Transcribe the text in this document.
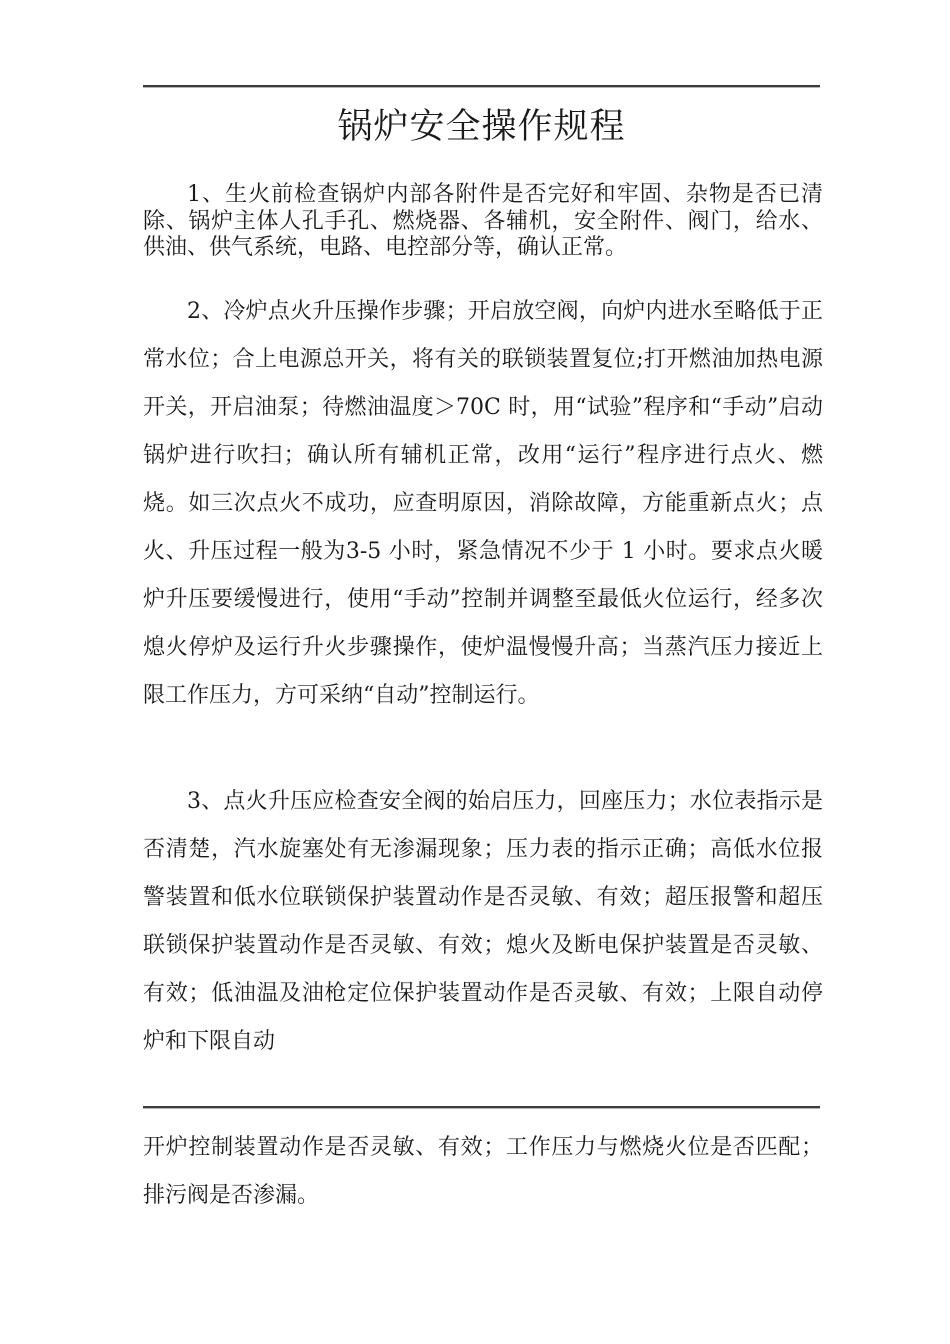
锅炉安全操作规程

1、生火前检查锅炉内部各附件是否完好和牢固、杂物是否已清除、锅炉主体人孔手孔、燃烧器、各辅机，安全附件、阀门，给水、供油、供气系统，电路、电控部分等，确认正常。

2、冷炉点火升压操作步骤；开启放空阀，向炉内进水至略低于正常水位；合上电源总开关，将有关的联锁装置复位;打开燃油加热电源开关，开启油泵；待燃油温度＞70C 时，用“试验”程序和“手动”启动锅炉进行吹扫；确认所有辅机正常，改用“运行”程序进行点火、燃烧。如三次点火不成功，应查明原因，消除故障，方能重新点火；点火、升压过程一般为3-5 小时，紧急情况不少于 1 小时。要求点火暖炉升压要缓慢进行，使用“手动”控制并调整至最低火位运行，经多次熄火停炉及运行升火步骤操作，使炉温慢慢升高；当蒸汽压力接近上限工作压力，方可采纳“自动”控制运行。

3、点火升压应检查安全阀的始启压力，回座压力；水位表指示是否清楚，汽水旋塞处有无渗漏现象；压力表的指示正确；高低水位报警装置和低水位联锁保护装置动作是否灵敏、有效；超压报警和超压联锁保护装置动作是否灵敏、有效；熄火及断电保护装置是否灵敏、有效；低油温及油枪定位保护装置动作是否灵敏、有效；上限自动停炉和下限自动

开炉控制装置动作是否灵敏、有效；工作压力与燃烧火位是否匹配；排污阀是否渗漏。
